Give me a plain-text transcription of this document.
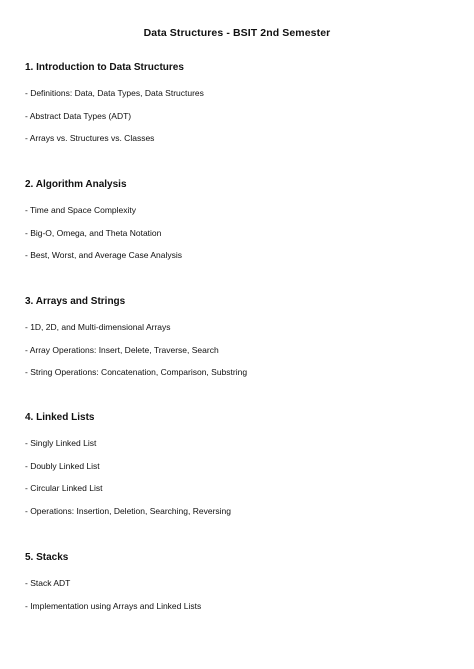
Data Structures - BSIT 2nd Semester
1. Introduction to Data Structures
- Definitions: Data, Data Types, Data Structures
- Abstract Data Types (ADT)
- Arrays vs. Structures vs. Classes
2. Algorithm Analysis
- Time and Space Complexity
- Big-O, Omega, and Theta Notation
- Best, Worst, and Average Case Analysis
3. Arrays and Strings
- 1D, 2D, and Multi-dimensional Arrays
- Array Operations: Insert, Delete, Traverse, Search
- String Operations: Concatenation, Comparison, Substring
4. Linked Lists
- Singly Linked List
- Doubly Linked List
- Circular Linked List
- Operations: Insertion, Deletion, Searching, Reversing
5. Stacks
- Stack ADT
- Implementation using Arrays and Linked Lists
